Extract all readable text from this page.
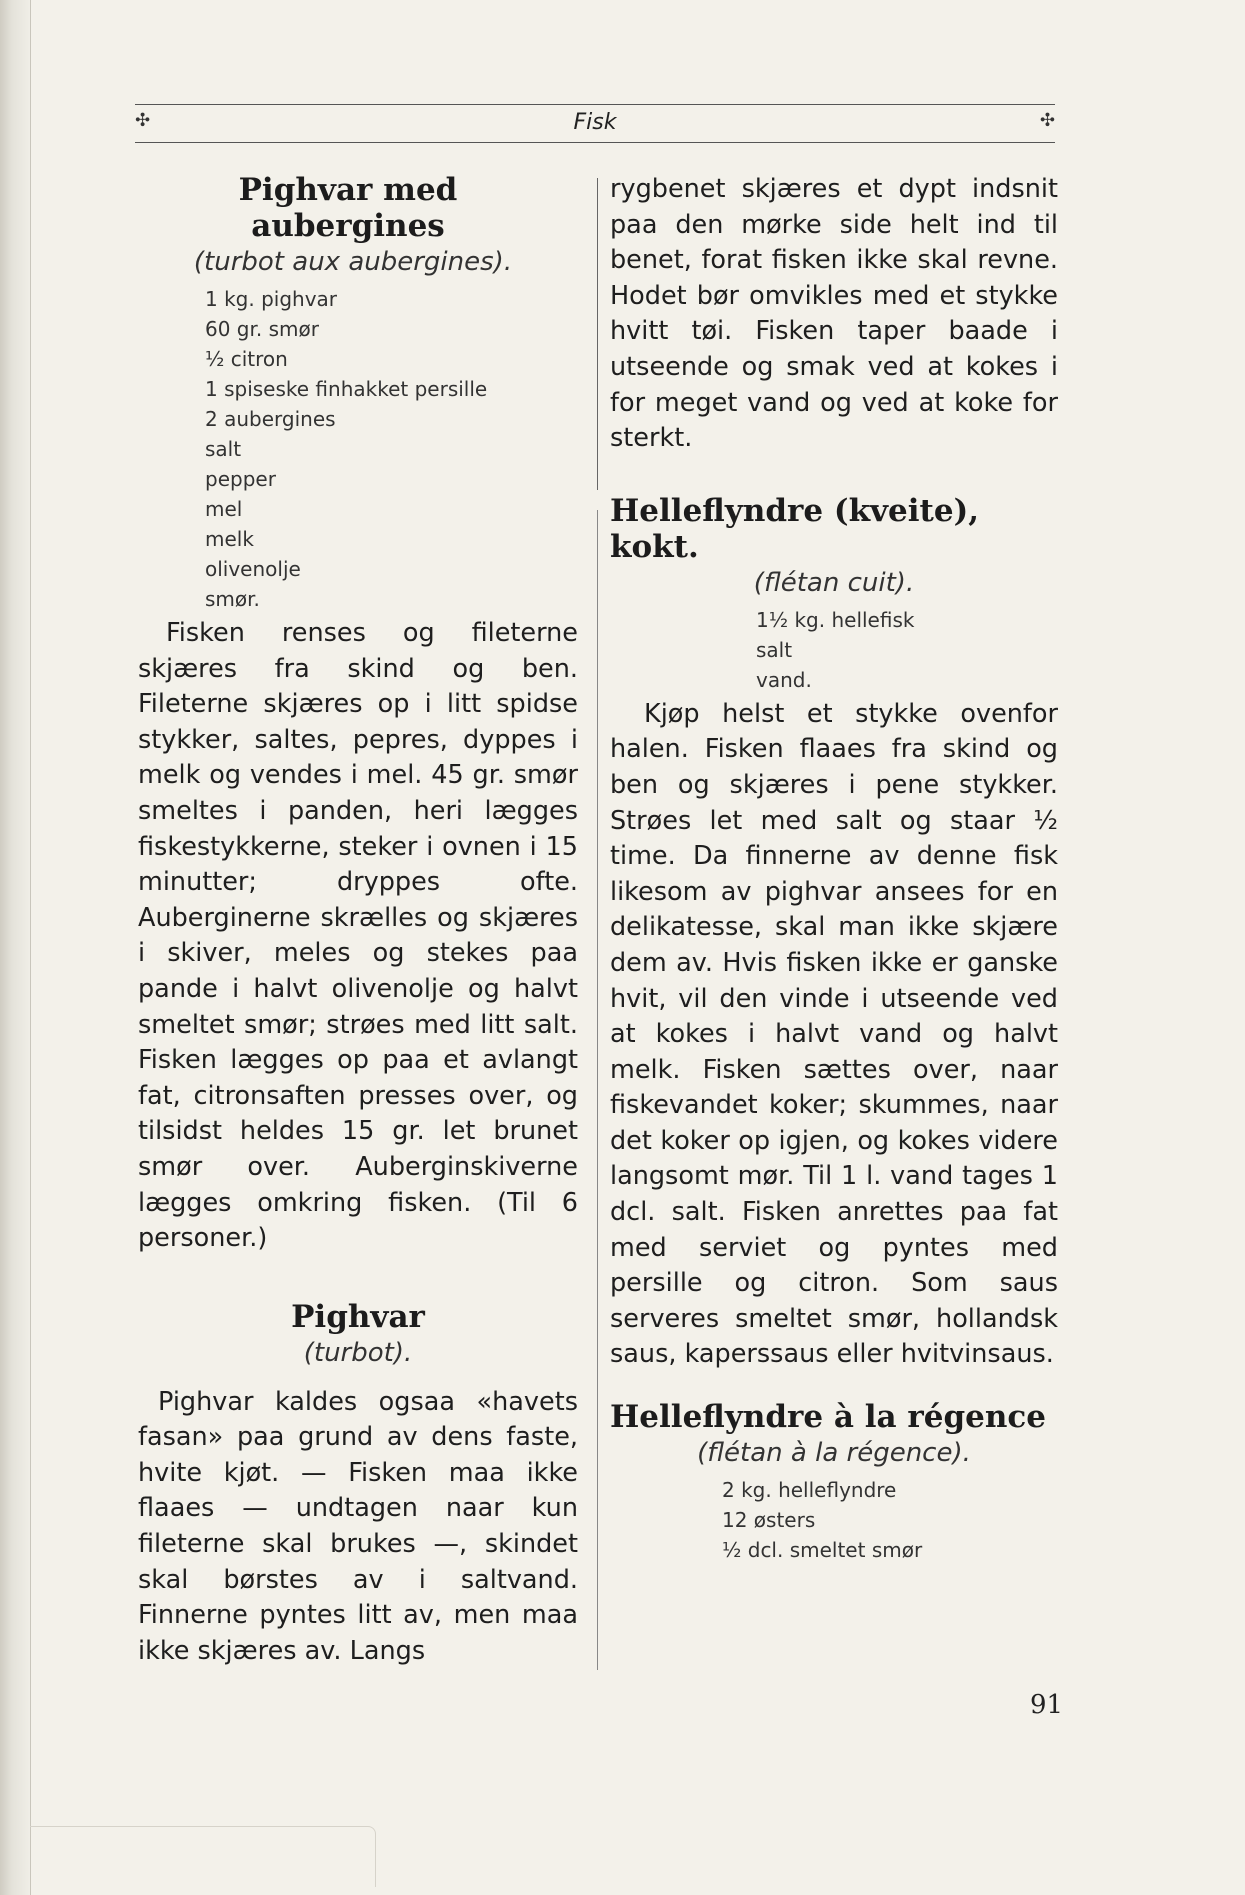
✣	Fisk	✣
Pighvar med aubergines

(turbot aux aubergines).

1 kg. pighvar
60 gr. smør
½ citron
1 spiseske finhakket persille
2 aubergines
salt
pepper
mel
melk
olivenolje
smør.

Fisken renses og fileterne skjæres fra skind og ben. Fileterne skjæres op i litt spidse stykker, saltes, pepres, dyppes i melk og vendes i mel. 45 gr. smør smeltes i panden, heri lægges fiskestykkerne, steker i ovnen i 15 minutter; dryppes ofte. Auberginerne skrælles og skjæres i skiver, meles og stekes paa pande i halvt olivenolje og halvt smeltet smør; strøes med litt salt. Fisken lægges op paa et avlangt fat, citronsaften presses over, og tilsidst heldes 15 gr. let brunet smør over. Auberginskiverne lægges omkring fisken. (Til 6 personer.)

Pighvar

(turbot).

Pighvar kaldes ogsaa «havets fasan» paa grund av dens faste, hvite kjøt. — Fisken maa ikke flaaes — undtagen naar kun fileterne skal brukes —, skindet skal børstes av i saltvand. Finnerne pyntes litt av, men maa ikke skjæres av. Langs

rygbenet skjæres et dypt indsnit paa den mørke side helt ind til benet, forat fisken ikke skal revne. Hodet bør omvikles med et stykke hvitt tøi. Fisken taper baade i utseende og smak ved at kokes i for meget vand og ved at koke for sterkt.

Helleflyndre (kveite), kokt.

(flétan cuit).

1½ kg. hellefisk
salt
vand.

Kjøp helst et stykke ovenfor halen. Fisken flaaes fra skind og ben og skjæres i pene stykker. Strøes let med salt og staar ½ time. Da finnerne av denne fisk likesom av pighvar ansees for en delikatesse, skal man ikke skjære dem av. Hvis fisken ikke er ganske hvit, vil den vinde i utseende ved at kokes i halvt vand og halvt melk. Fisken sættes over, naar fiskevandet koker; skummes, naar det koker op igjen, og kokes videre langsomt mør. Til 1 l. vand tages 1 dcl. salt. Fisken anrettes paa fat med serviet og pyntes med persille og citron. Som saus serveres smeltet smør, hollandsk saus, kaperssaus eller hvitvinsaus.

Helleflyndre à la régence

(flétan à la régence).

2 kg. helleflyndre
12 østers
½ dcl. smeltet smør
91
